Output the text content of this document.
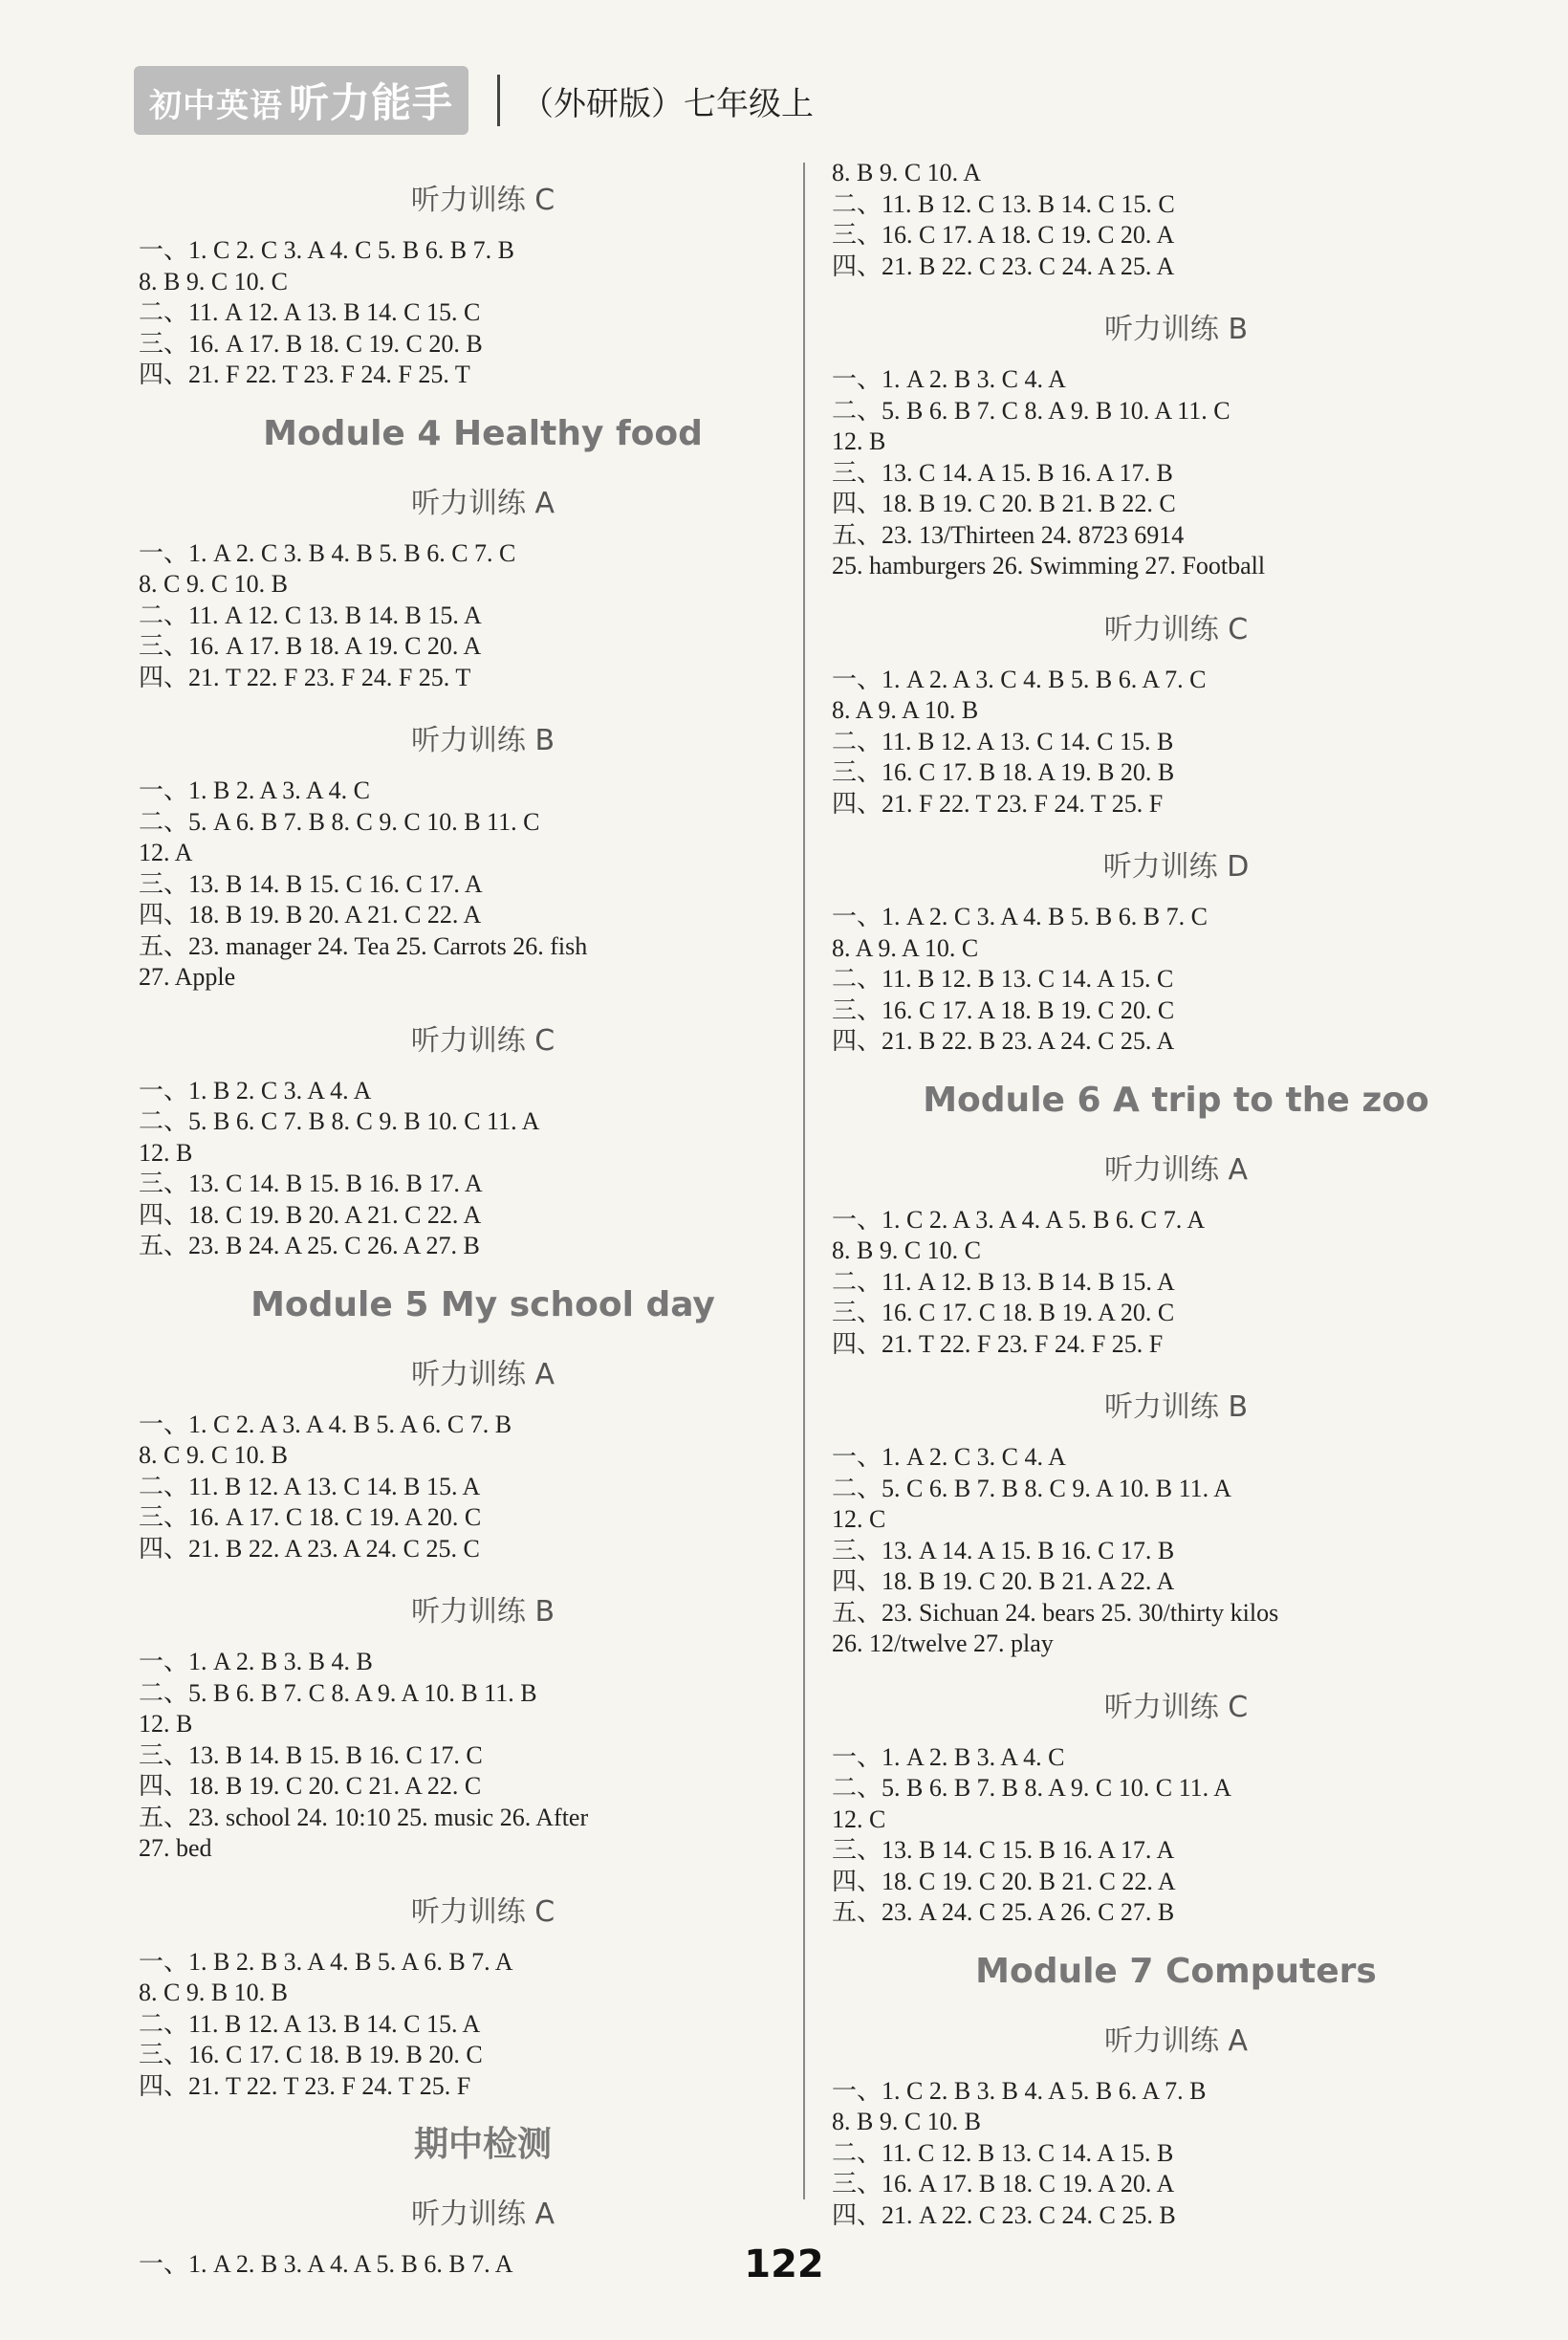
初中英语 听力能手	（外研版）七年级上
听力训练 C
一、1. C 2. C 3. A 4. C 5. B 6. B 7. B
8. B 9. C 10. C
二、11. A 12. A 13. B 14. C 15. C
三、16. A 17. B 18. C 19. C 20. B
四、21. F 22. T 23. F 24. F 25. T
Module 4 Healthy food
听力训练 A
一、1. A 2. C 3. B 4. B 5. B 6. C 7. C
8. C 9. C 10. B
二、11. A 12. C 13. B 14. B 15. A
三、16. A 17. B 18. A 19. C 20. A
四、21. T 22. F 23. F 24. F 25. T
听力训练 B
一、1. B 2. A 3. A 4. C
二、5. A 6. B 7. B 8. C 9. C 10. B 11. C
12. A
三、13. B 14. B 15. C 16. C 17. A
四、18. B 19. B 20. A 21. C 22. A
五、23. manager 24. Tea 25. Carrots 26. fish
27. Apple
听力训练 C
一、1. B 2. C 3. A 4. A
二、5. B 6. C 7. B 8. C 9. B 10. C 11. A
12. B
三、13. C 14. B 15. B 16. B 17. A
四、18. C 19. B 20. A 21. C 22. A
五、23. B 24. A 25. C 26. A 27. B
Module 5 My school day
听力训练 A
一、1. C 2. A 3. A 4. B 5. A 6. C 7. B
8. C 9. C 10. B
二、11. B 12. A 13. C 14. B 15. A
三、16. A 17. C 18. C 19. A 20. C
四、21. B 22. A 23. A 24. C 25. C
听力训练 B
一、1. A 2. B 3. B 4. B
二、5. B 6. B 7. C 8. A 9. A 10. B 11. B
12. B
三、13. B 14. B 15. B 16. C 17. C
四、18. B 19. C 20. C 21. A 22. C
五、23. school 24. 10:10 25. music 26. After
27. bed
听力训练 C
一、1. B 2. B 3. A 4. B 5. A 6. B 7. A
8. C 9. B 10. B
二、11. B 12. A 13. B 14. C 15. A
三、16. C 17. C 18. B 19. B 20. C
四、21. T 22. T 23. F 24. T 25. F
期中检测
听力训练 A
一、1. A 2. B 3. A 4. A 5. B 6. B 7. A
8. B 9. C 10. A
二、11. B 12. C 13. B 14. C 15. C
三、16. C 17. A 18. C 19. C 20. A
四、21. B 22. C 23. C 24. A 25. A
听力训练 B
一、1. A 2. B 3. C 4. A
二、5. B 6. B 7. C 8. A 9. B 10. A 11. C
12. B
三、13. C 14. A 15. B 16. A 17. B
四、18. B 19. C 20. B 21. B 22. C
五、23. 13/Thirteen 24. 8723 6914
25. hamburgers 26. Swimming 27. Football
听力训练 C
一、1. A 2. A 3. C 4. B 5. B 6. A 7. C
8. A 9. A 10. B
二、11. B 12. A 13. C 14. C 15. B
三、16. C 17. B 18. A 19. B 20. B
四、21. F 22. T 23. F 24. T 25. F
听力训练 D
一、1. A 2. C 3. A 4. B 5. B 6. B 7. C
8. A 9. A 10. C
二、11. B 12. B 13. C 14. A 15. C
三、16. C 17. A 18. B 19. C 20. C
四、21. B 22. B 23. A 24. C 25. A
Module 6 A trip to the zoo
听力训练 A
一、1. C 2. A 3. A 4. A 5. B 6. C 7. A
8. B 9. C 10. C
二、11. A 12. B 13. B 14. B 15. A
三、16. C 17. C 18. B 19. A 20. C
四、21. T 22. F 23. F 24. F 25. F
听力训练 B
一、1. A 2. C 3. C 4. A
二、5. C 6. B 7. B 8. C 9. A 10. B 11. A
12. C
三、13. A 14. A 15. B 16. C 17. B
四、18. B 19. C 20. B 21. A 22. A
五、23. Sichuan 24. bears 25. 30/thirty kilos
26. 12/twelve 27. play
听力训练 C
一、1. A 2. B 3. A 4. C
二、5. B 6. B 7. B 8. A 9. C 10. C 11. A
12. C
三、13. B 14. C 15. B 16. A 17. A
四、18. C 19. C 20. B 21. C 22. A
五、23. A 24. C 25. A 26. C 27. B
Module 7 Computers
听力训练 A
一、1. C 2. B 3. B 4. A 5. B 6. A 7. B
8. B 9. C 10. B
二、11. C 12. B 13. C 14. A 15. B
三、16. A 17. B 18. C 19. A 20. A
四、21. A 22. C 23. C 24. C 25. B
122
